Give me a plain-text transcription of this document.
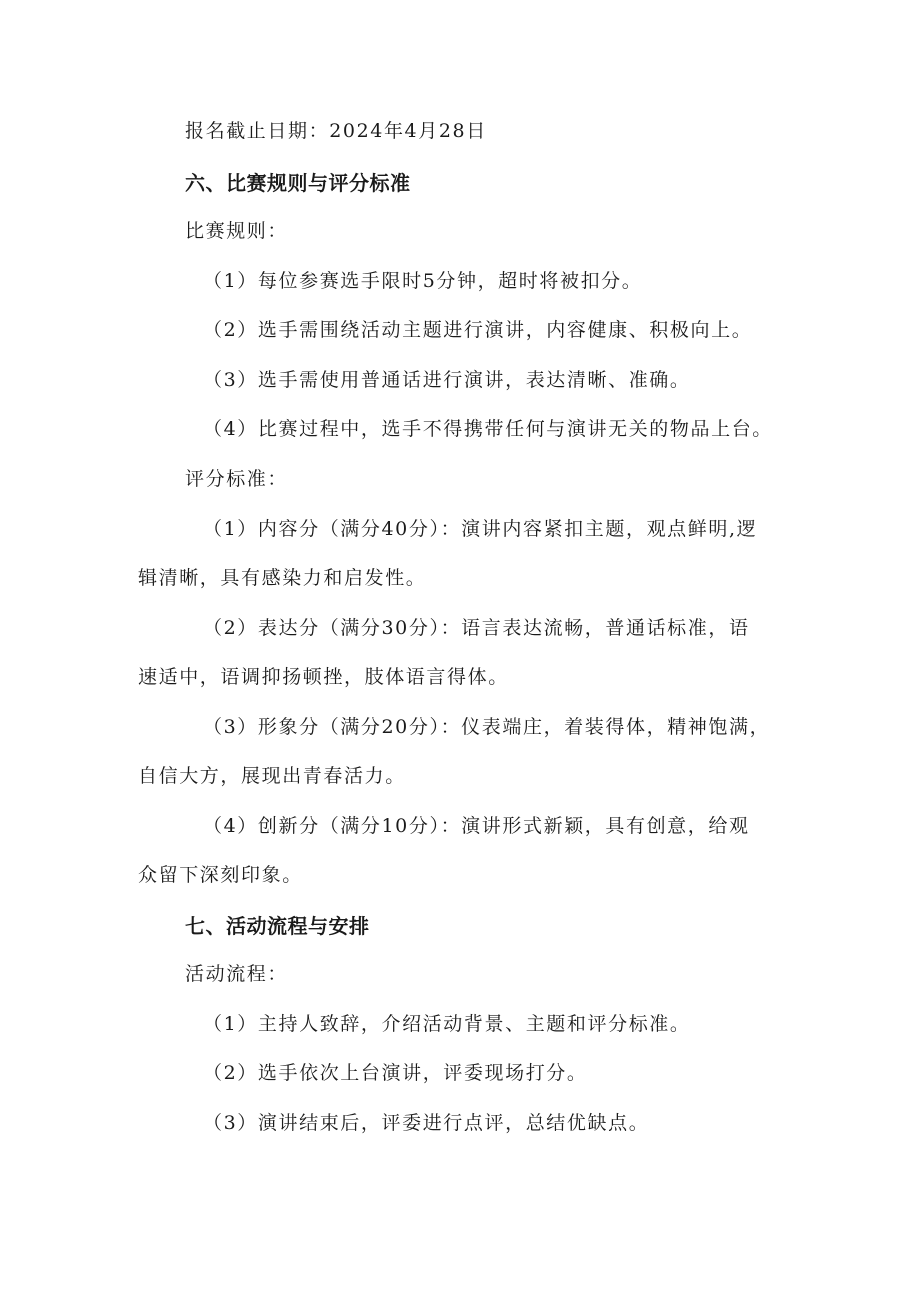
报名截止日期：2024年4月28日
六、比赛规则与评分标准
比赛规则：
（1）每位参赛选手限时5分钟，超时将被扣分。
（2）选手需围绕活动主题进行演讲，内容健康、积极向上。
（3）选手需使用普通话进行演讲，表达清晰、准确。
（4）比赛过程中，选手不得携带任何与演讲无关的物品上台。
评分标准：
（1）内容分（满分40分）：演讲内容紧扣主题，观点鲜明,逻
辑清晰，具有感染力和启发性。
（2）表达分（满分30分）：语言表达流畅，普通话标准，语
速适中，语调抑扬顿挫，肢体语言得体。
（3）形象分（满分20分）：仪表端庄，着装得体，精神饱满，
自信大方，展现出青春活力。
（4）创新分（满分10分）：演讲形式新颖，具有创意，给观
众留下深刻印象。
七、活动流程与安排
活动流程：
（1）主持人致辞，介绍活动背景、主题和评分标准。
（2）选手依次上台演讲，评委现场打分。
（3）演讲结束后，评委进行点评，总结优缺点。
